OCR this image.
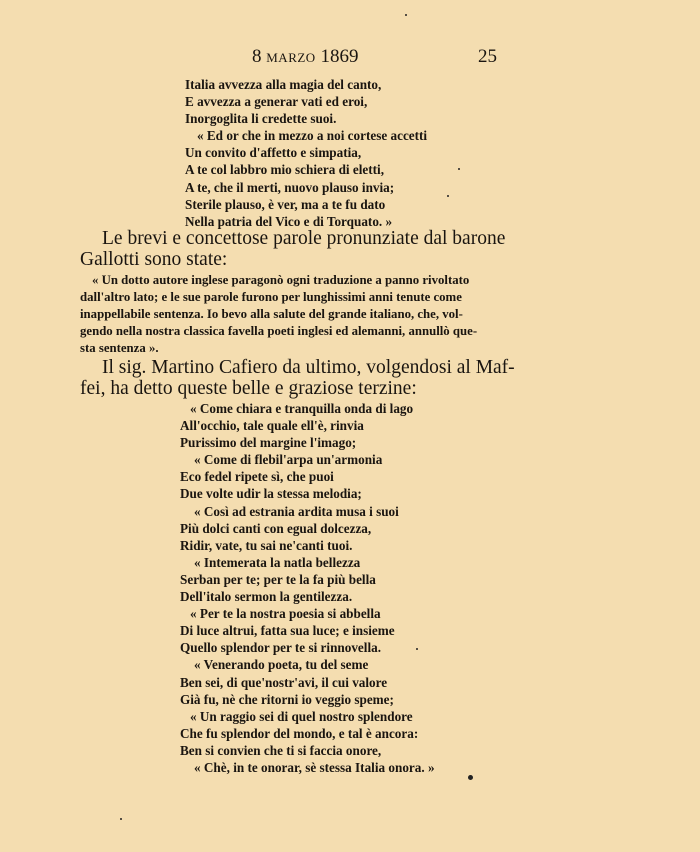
8 MARZO 1869	25
Italia avvezza alla magia del canto,
E avvezza a generar vati ed eroi,
Inorgoglita li credette suoi.
« Ed or che in mezzo a noi cortese accetti
Un convito d'affetto e simpatia,
A te col labbro mio schiera di eletti,
A te, che il merti, nuovo plauso invia;
Sterile plauso, è ver, ma a te fu dato
Nella patria del Vico e di Torquato. »
Le brevi e concettose parole pronunziate dal barone
Gallotti sono state:
« Un dotto autore inglese paragonò ogni traduzione a panno rivoltato
dall'altro lato; e le sue parole furono per lunghissimi anni tenute come
inappellabile sentenza. Io bevo alla salute del grande italiano, che, vol-
gendo nella nostra classica favella poeti inglesi ed alemanni, annullò que-
sta sentenza ».
Il sig. Martino Cafiero da ultimo, volgendosi al Maf-
fei, ha detto queste belle e graziose terzine:
« Come chiara e tranquilla onda di lago
All'occhio, tale quale ell'è, rinvia
Purissimo del margine l'imago;
« Come di flebil'arpa un'armonia
Eco fedel ripete sì, che puoi
Due volte udir la stessa melodia;
« Così ad estrania ardita musa i suoi
Più dolci canti con egual dolcezza,
Ridir, vate, tu sai ne'canti tuoi.
« Intemerata la natla bellezza
Serban per te; per te la fa più bella
Dell'italo sermon la gentilezza.
« Per te la nostra poesia si abbella
Di luce altrui, fatta sua luce; e insieme
Quello splendor per te si rinnovella.
« Venerando poeta, tu del seme
Ben sei, di que'nostr'avi, il cui valore
Già fu, nè che ritorni io veggio speme;
« Un raggio sei di quel nostro splendore
Che fu splendor del mondo, e tal è ancora:
Ben si convien che ti si faccia onore,
« Chè, in te onorar, sè stessa Italia onora. »
